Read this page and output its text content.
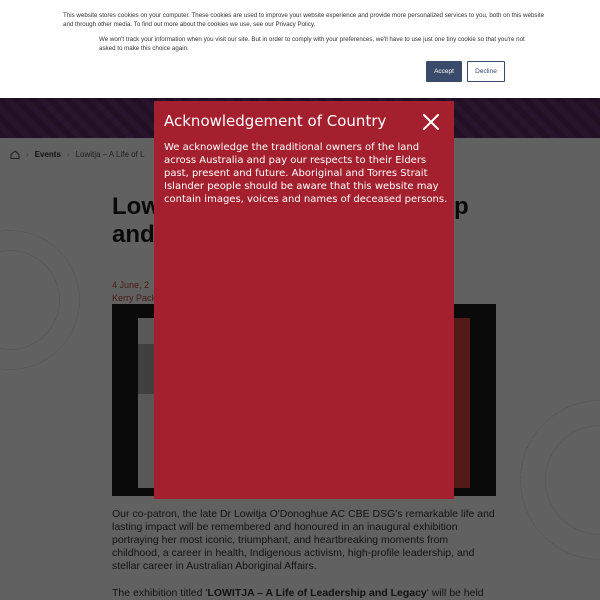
This website stores cookies on your computer. These cookies are used to improve your website experience and provide more personalized services to you, both on this website and through other media. To find out more about the cookies we use, see our Privacy Policy.

We won't track your information when you visit our site. But in order to comply with your preferences, we'll have to use just one tiny cookie so that you're not asked to make this choice again.

Accept	Decline
Acknowledgement of Country

We acknowledge the traditional owners of the land across Australia and pay our respects to their Elders past, present and future. Aboriginal and Torres Strait Islander people should be aware that this website may contain images, voices and names of deceased persons.
